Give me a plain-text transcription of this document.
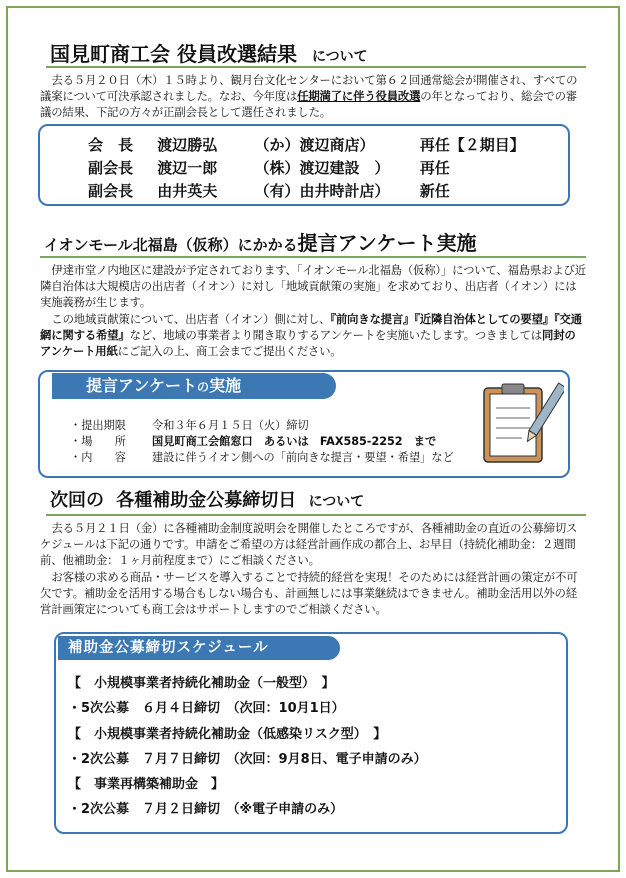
国見町商工会 役員改選結果 について

去る５月２０日（木）１５時より、観月台文化センターにおいて第６２回通常総会が開催され、すべての議案について可決承認されました。なお、今年度は任期満了に伴う役員改選の年となっており、総会での審議の結果、下記の方々が正副会長として選任されました。

会　長 渡辺勝弘 （か）渡辺商店）	再任【２期目】
副会長 渡辺一郎 （株）渡辺建設　） 再任
副会長 由井英夫 （有）由井時計店） 新任
イオンモール北福島（仮称）にかかる提言アンケート実施

伊達市堂ノ内地区に建設が予定されております、「イオンモール北福島（仮称）」について、福島県および近隣自治体は大規模店の出店者（イオン）に対し「地域貢献策の実施」を求めており、出店者（イオン）には実施義務が生じます。

この地域貢献策について、出店者（イオン）側に対し、『前向きな提言』『近隣自治体としての要望』『交通網に関する希望』など、地域の事業者より聞き取りするアンケートを実施いたします。つきましては同封のアンケート用紙にご記入の上、商工会までご提出ください。

提言アンケートの実施
・提出期限 令和３年６月１５日（火）締切
・場　　所 国見町商工会館窓口　あるいは　FAX585-2252　まで
・内　　容 建設に伴うイオン側への「前向きな提言・要望・希望」など
次回の 各種補助金公募締切日 について

去る５月２１日（金）に各種補助金制度説明会を開催したところですが、各種補助金の直近の公募締切スケジュールは下記の通りです。申請をご希望の方は経営計画作成の都合上、お早目（持続化補助金：２週間前、他補助金：１ヶ月前程度まで）にご相談ください。

お客様の求める商品・サービスを導入することで持続的経営を実現！そのためには経営計画の策定が不可欠です。補助金を活用する場合もしない場合も、計画無しには事業継続はできません。補助金活用以外の経営計画策定についても商工会はサポートしますのでご相談ください。

補助金公募締切スケジュール
【　小規模事業者持続化補助金（一般型）　】
・5次公募　６月４日締切　（次回：10月1日）
【　小規模事業者持続化補助金（低感染リスク型）　】
・2次公募　７月７日締切　（次回：9月8日、電子申請のみ）
【　事業再構築補助金　】
・2次公募　７月２日締切　（※電子申請のみ）
